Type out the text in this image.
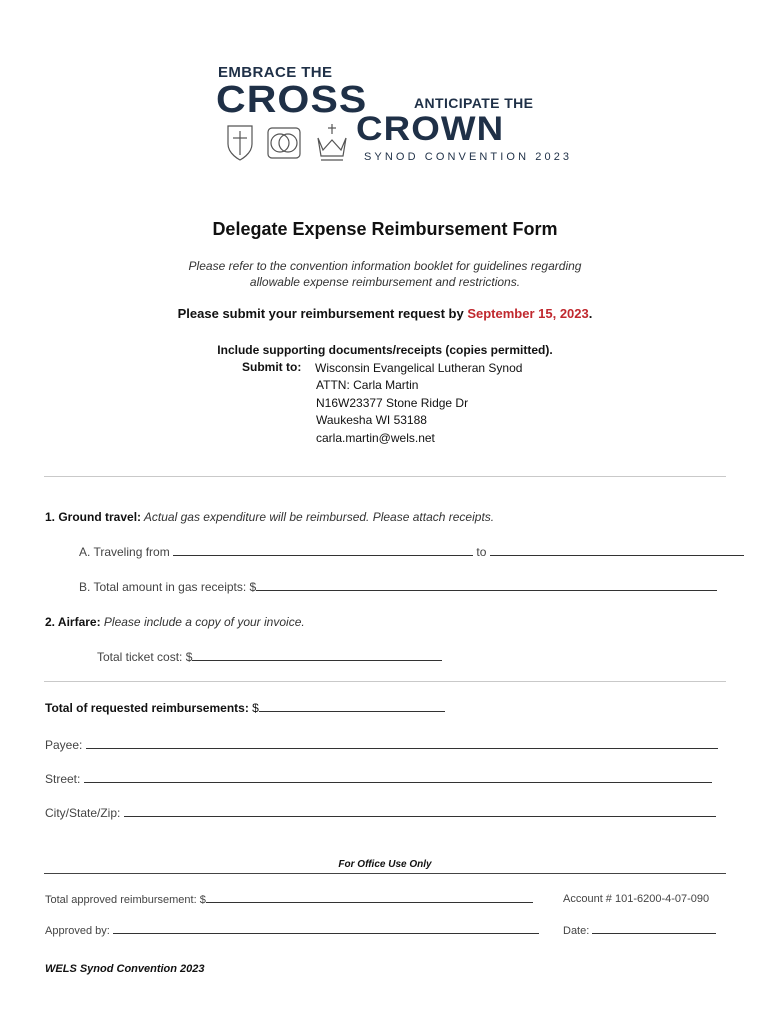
EMBRACE THE
CROSS	ANTICIPATE THE
CROWN
SYNOD CONVENTION 2023
Delegate Expense Reimbursement Form
Please refer to the convention information booklet for guidelines regarding
allowable expense reimbursement and restrictions.
Please submit your reimbursement request by September 15, 2023.
Include supporting documents/receipts (copies permitted).
Submit to: Wisconsin Evangelical Lutheran Synod
ATTN: Carla Martin
N16W23377 Stone Ridge Dr
Waukesha WI 53188
carla.martin@wels.net
1. Ground travel: Actual gas expenditure will be reimbursed. Please attach receipts.
A. Traveling from	to
B. Total amount in gas receipts: $
2. Airfare: Please include a copy of your invoice.
Total ticket cost: $
Total of requested reimbursements: $
Payee:
Street:
City/State/Zip:
For Office Use Only
Total approved reimbursement: $	Account # 101-6200-4-07-090
Approved by:	Date:
WELS Synod Convention 2023
